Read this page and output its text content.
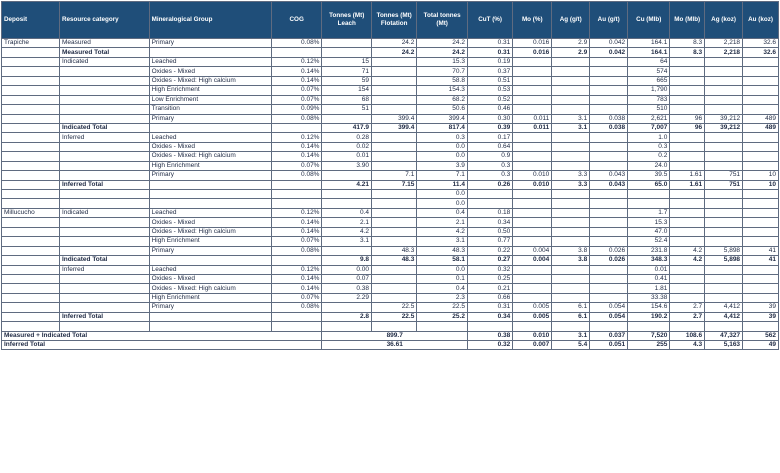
Deposit	Resource category	Mineralogical Group	COG	Tonnes (Mt) Leach	Tonnes (Mt) Flotation	Total tonnes (Mt)	CuT (%)	Mo (%)	Ag (g/t)	Au (g/t)	Cu (Mlb)	Mo (Mlb)	Ag (koz)	Au (koz)
Trapiche	Measured	Primary	0.08%		24.2	24.2	0.31	0.016	2.9	0.042	164.1	8.3	2,218	32.6
	Measured Total				24.2	24.2	0.31	0.016	2.9	0.042	164.1	8.3	2,218	32.6
	Indicated	Leached	0.12%	15		15.3	0.19				64			
		Oxides - Mixed	0.14%	71		70.7	0.37				574			
		Oxides - Mixed: High calcium	0.14%	59		58.8	0.51				665			
		High Enrichment	0.07%	154		154.3	0.53				1,790			
		Low Enrichment	0.07%	68		68.2	0.52				783			
		Transition	0.09%	51		50.6	0.46				510			
		Primary	0.08%		399.4	399.4	0.30	0.011	3.1	0.038	2,621	96	39,212	489
	Indicated Total			417.9	399.4	817.4	0.39	0.011	3.1	0.038	7,007	96	39,212	489
	Inferred	Leached	0.12%	0.28		0.3	0.17				1.0			
		Oxides - Mixed	0.14%	0.02		0.0	0.64				0.3			
		Oxides - Mixed: High calcium	0.14%	0.01		0.0	0.9				0.2			
		High Enrichment	0.07%	3.90		3.9	0.3				24.0			
		Primary	0.08%		7.1	7.1	0.3	0.010	3.3	0.043	39.5	1.61	751	10
	Inferred Total			4.21	7.15	11.4	0.26	0.010	3.3	0.043	65.0	1.61	751	10
						0.0								
						0.0								
Millucucho	Indicated	Leached	0.12%	0.4		0.4	0.18				1.7			
		Oxides - Mixed	0.14%	2.1		2.1	0.34				15.3			
		Oxides - Mixed: High calcium	0.14%	4.2		4.2	0.50				47.0			
		High Enrichment	0.07%	3.1		3.1	0.77				52.4			
		Primary	0.08%		48.3	48.3	0.22	0.004	3.8	0.026	231.8	4.2	5,898	41
	Indicated Total			9.8	48.3	58.1	0.27	0.004	3.8	0.026	348.3	4.2	5,898	41
	Inferred	Leached	0.12%	0.00		0.0	0.32				0.01			
		Oxides - Mixed	0.14%	0.07		0.1	0.25				0.41			
		Oxides - Mixed: High calcium	0.14%	0.38		0.4	0.21				1.81			
		High Enrichment	0.07%	2.29		2.3	0.66				33.38			
		Primary	0.08%		22.5	22.5	0.31	0.005	6.1	0.054	154.6	2.7	4,412	39
	Inferred Total			2.8	22.5	25.2	0.34	0.005	6.1	0.054	190.2	2.7	4,412	39

Measured + Indicated Total				899.7			0.38	0.010	3.1	0.037	7,520	108.6	47,327	562
Inferred Total				36.61			0.32	0.007	5.4	0.051	255	4.3	5,163	49
